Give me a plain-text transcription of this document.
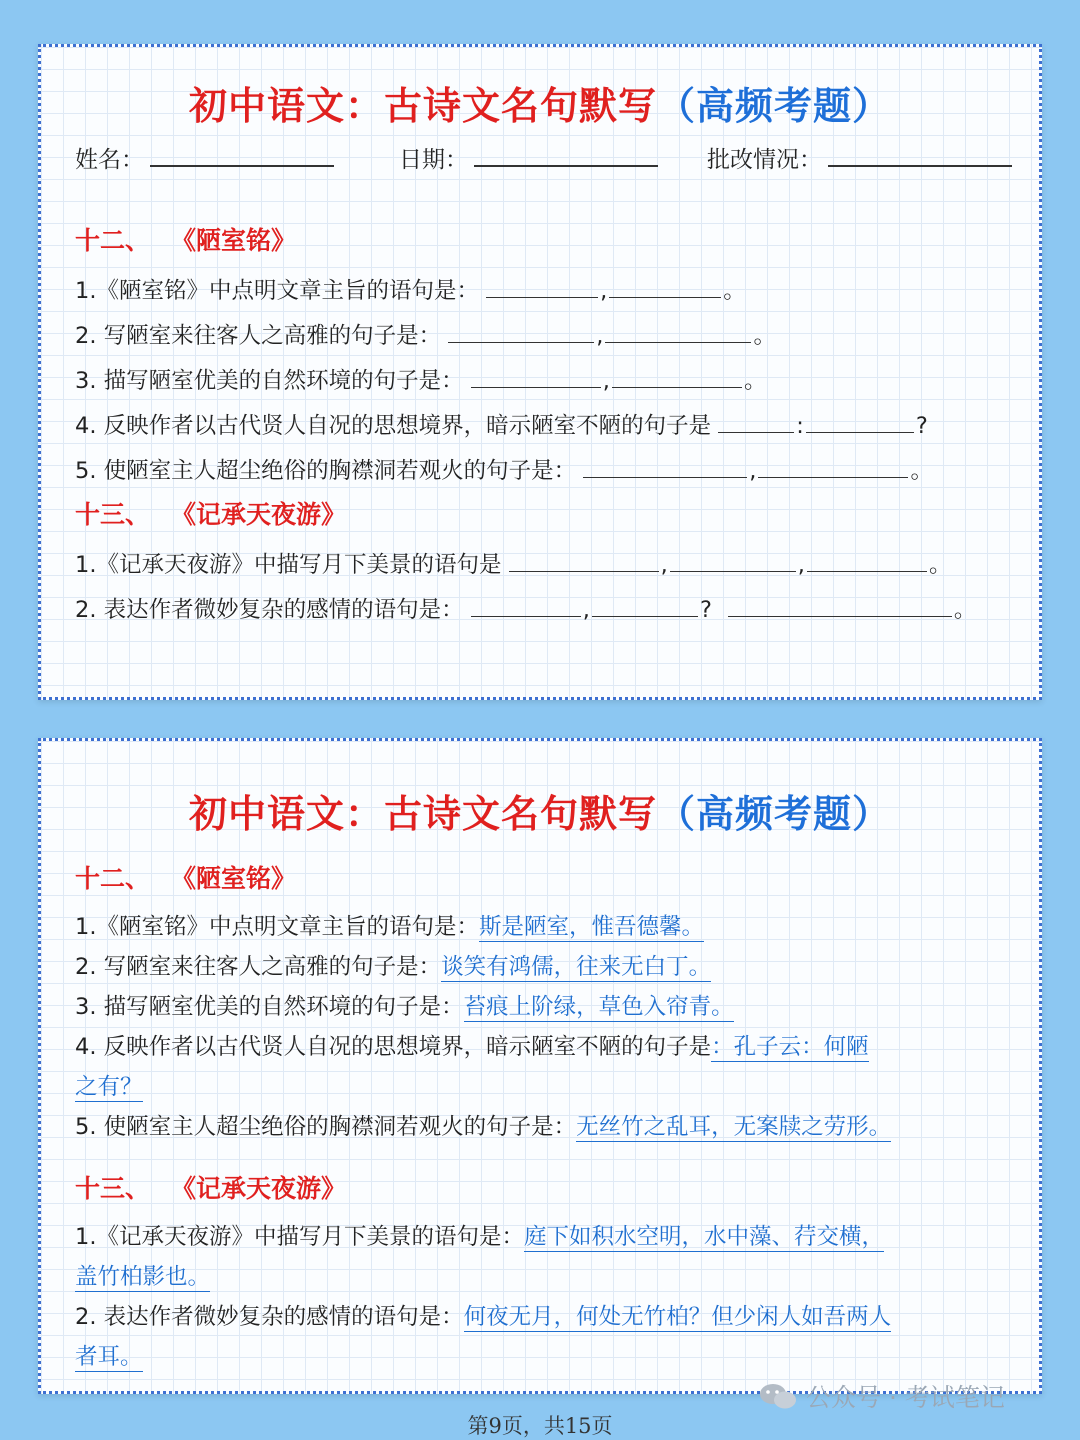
初中语文：古诗文名句默写（高频考题）
姓名：	日期：	批改情况：
十二、 《陋室铭》
1.《陋室铭》中点明文章主旨的语句是：	,	。
2. 写陋室来往客人之高雅的句子是：	,	。
3. 描写陋室优美的自然环境的句子是：	,	。
4. 反映作者以古代贤人自况的思想境界，暗示陋室不陋的句子是	:	?
5. 使陋室主人超尘绝俗的胸襟洞若观火的句子是：	,	。
十三、 《记承天夜游》
1.《记承天夜游》中描写月下美景的语句是	,	,	。
2. 表达作者微妙复杂的感情的语句是：	,	?	。
初中语文：古诗文名句默写（高频考题）
十二、 《陋室铭》
1.《陋室铭》中点明文章主旨的语句是：斯是陋室，惟吾德馨。
2. 写陋室来往客人之高雅的句子是：谈笑有鸿儒，往来无白丁。
3. 描写陋室优美的自然环境的句子是：苔痕上阶绿，草色入帘青。
4. 反映作者以古代贤人自况的思想境界，暗示陋室不陋的句子是：孔子云：何陋
之有？
5. 使陋室主人超尘绝俗的胸襟洞若观火的句子是：无丝竹之乱耳，无案牍之劳形。
十三、 《记承天夜游》
1.《记承天夜游》中描写月下美景的语句是：庭下如积水空明，水中藻、荇交横，
盖竹柏影也。
2. 表达作者微妙复杂的感情的语句是：何夜无月，何处无竹柏？但少闲人如吾两人
者耳。
公众号 · 考试笔记
第9页，共15页
